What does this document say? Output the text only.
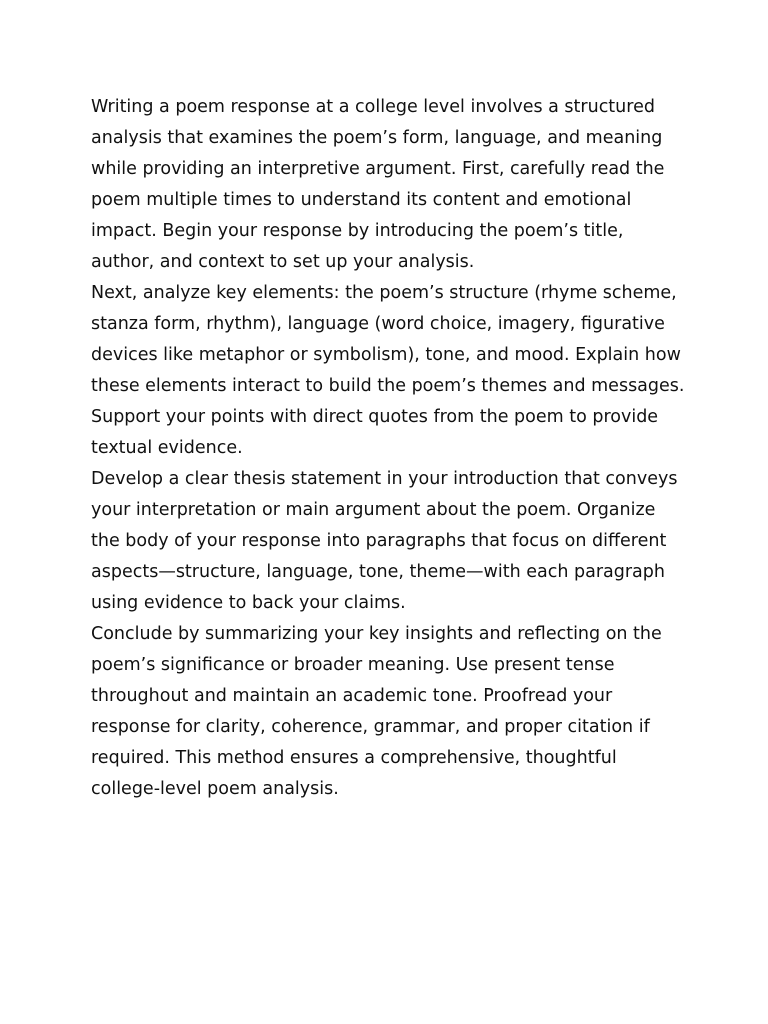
Writing a poem response at a college level involves a structured
analysis that examines the poem’s form, language, and meaning
while providing an interpretive argument. First, carefully read the
poem multiple times to understand its content and emotional
impact. Begin your response by introducing the poem’s title,
author, and context to set up your analysis.
Next, analyze key elements: the poem’s structure (rhyme scheme,
stanza form, rhythm), language (word choice, imagery, figurative
devices like metaphor or symbolism), tone, and mood. Explain how
these elements interact to build the poem’s themes and messages.
Support your points with direct quotes from the poem to provide
textual evidence.
Develop a clear thesis statement in your introduction that conveys
your interpretation or main argument about the poem. Organize
the body of your response into paragraphs that focus on different
aspects—structure, language, tone, theme—with each paragraph
using evidence to back your claims.
Conclude by summarizing your key insights and reflecting on the
poem’s significance or broader meaning. Use present tense
throughout and maintain an academic tone. Proofread your
response for clarity, coherence, grammar, and proper citation if
required. This method ensures a comprehensive, thoughtful
college-level poem analysis.
